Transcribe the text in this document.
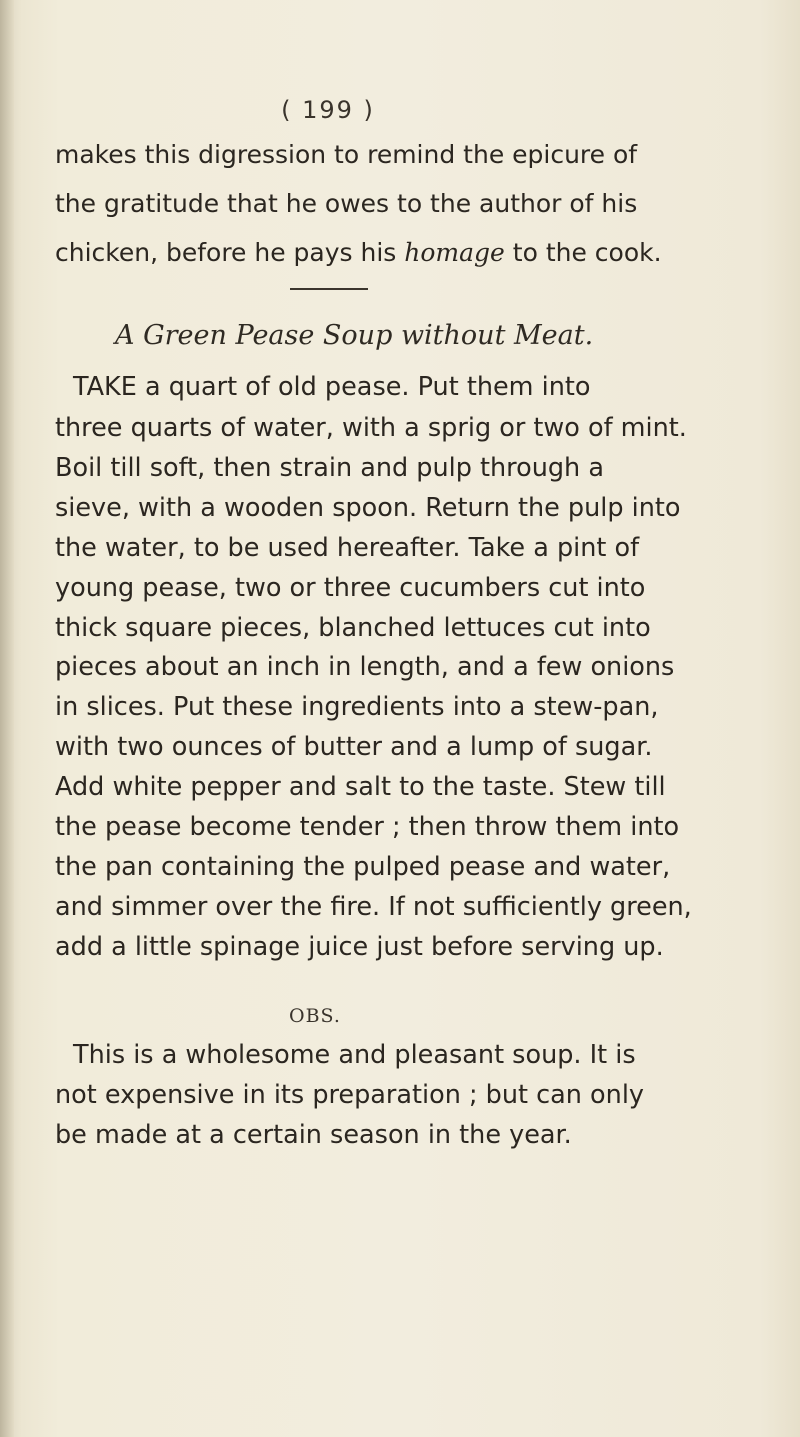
( 199 )
makes this digression to remind the epicure of
the gratitude that he owes to the author of his
chicken, before he pays his homage to the cook.
A Green Pease Soup without Meat.
TAKE a quart of old pease. Put them into
three quarts of water, with a sprig or two of mint.
Boil till soft, then strain and pulp through a
sieve, with a wooden spoon. Return the pulp into
the water, to be used hereafter. Take a pint of
young pease, two or three cucumbers cut into
thick square pieces, blanched lettuces cut into
pieces about an inch in length, and a few onions
in slices. Put these ingredients into a stew-pan,
with two ounces of butter and a lump of sugar.
Add white pepper and salt to the taste. Stew till
the pease become tender ; then throw them into
the pan containing the pulped pease and water,
and simmer over the fire. If not sufficiently green,
add a little spinage juice just before serving up.
OBS.
This is a wholesome and pleasant soup. It is
not expensive in its preparation ; but can only
be made at a certain season in the year.
